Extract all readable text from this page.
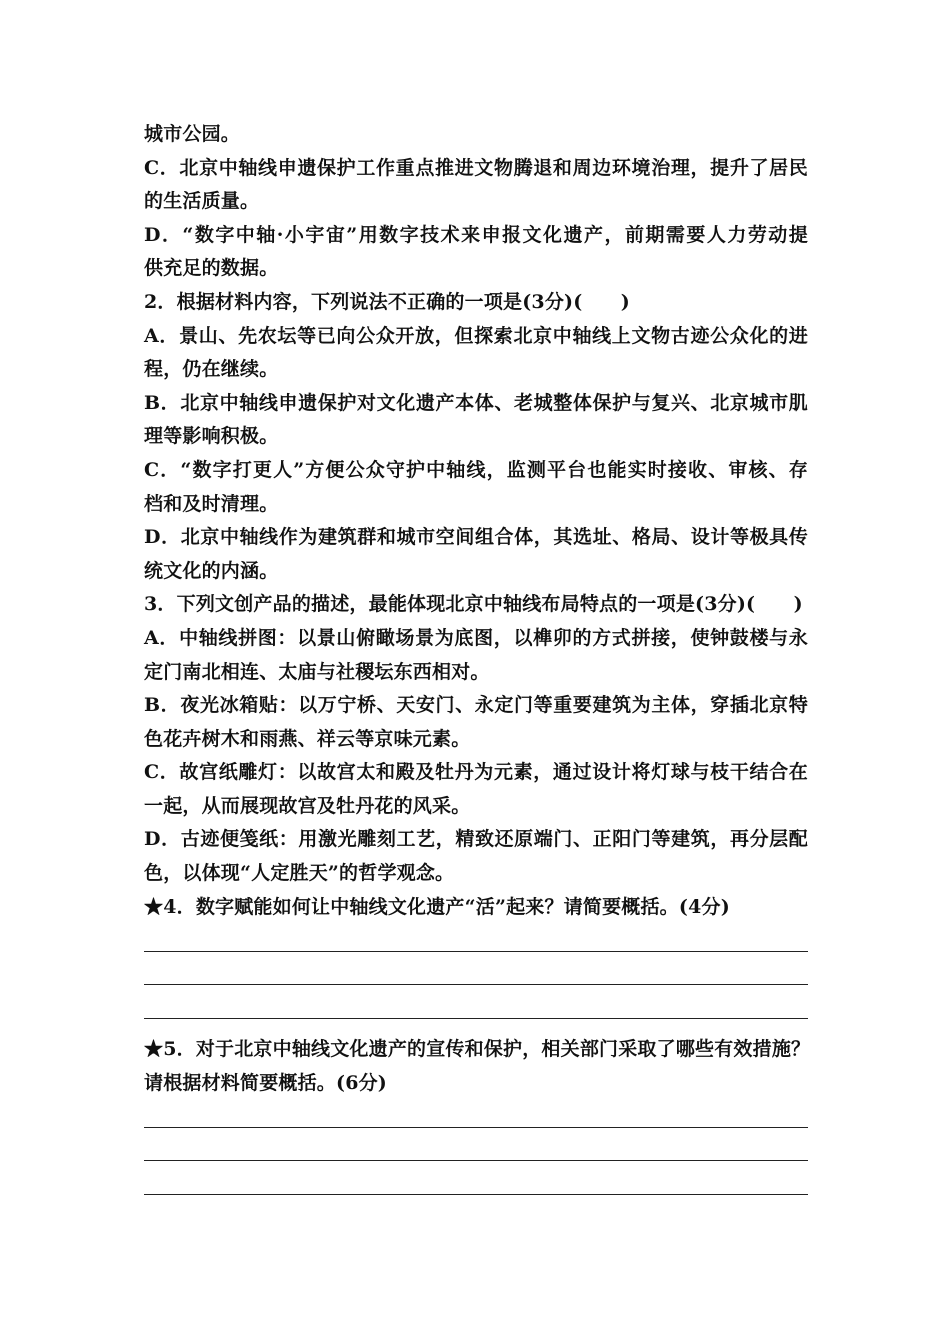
城市公园。
C．北京中轴线申遗保护工作重点推进文物腾退和周边环境治理，提升了居民
的生活质量。
D．“数字中轴·小宇宙”用数字技术来申报文化遗产，前期需要人力劳动提
供充足的数据。
2．根据材料内容，下列说法不正确的一项是(3分)(　　)
A．景山、先农坛等已向公众开放，但探索北京中轴线上文物古迹公众化的进
程，仍在继续。
B．北京中轴线申遗保护对文化遗产本体、老城整体保护与复兴、北京城市肌
理等影响积极。
C．“数字打更人”方便公众守护中轴线，监测平台也能实时接收、审核、存
档和及时清理。
D．北京中轴线作为建筑群和城市空间组合体，其选址、格局、设计等极具传
统文化的内涵。
3．下列文创产品的描述，最能体现北京中轴线布局特点的一项是(3分)(　　)
A．中轴线拼图：以景山俯瞰场景为底图，以榫卯的方式拼接，使钟鼓楼与永
定门南北相连、太庙与社稷坛东西相对。
B．夜光冰箱贴：以万宁桥、天安门、永定门等重要建筑为主体，穿插北京特
色花卉树木和雨燕、祥云等京味元素。
C．故宫纸雕灯：以故宫太和殿及牡丹为元素，通过设计将灯球与枝干结合在
一起，从而展现故宫及牡丹花的风采。
D．古迹便笺纸：用激光雕刻工艺，精致还原端门、正阳门等建筑，再分层配
色，以体现“人定胜天”的哲学观念。
★4．数字赋能如何让中轴线文化遗产“活”起来？请简要概括。(4分)
★5．对于北京中轴线文化遗产的宣传和保护，相关部门采取了哪些有效措施？
请根据材料简要概括。(6分)
